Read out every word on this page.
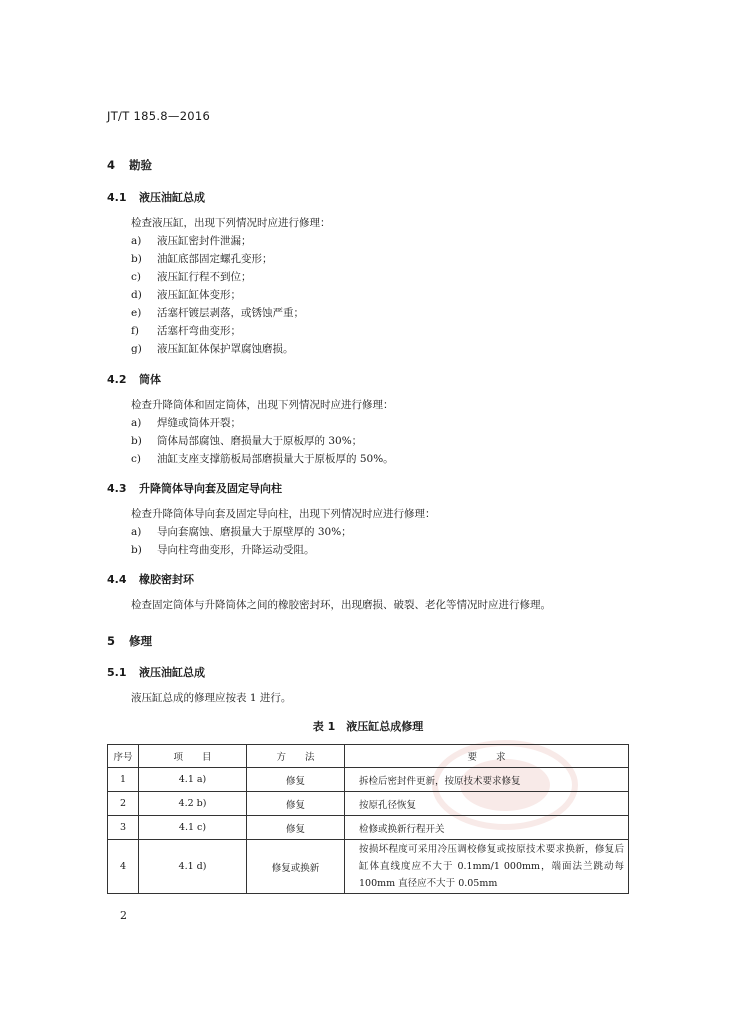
JT/T 185.8—2016
4 勘验
4.1 液压油缸总成
检查液压缸，出现下列情况时应进行修理：
a) 液压缸密封件泄漏；
b) 油缸底部固定螺孔变形；
c) 液压缸行程不到位；
d) 液压缸缸体变形；
e) 活塞杆镀层剥落，或锈蚀严重；
f) 活塞杆弯曲变形；
g) 液压缸缸体保护罩腐蚀磨损。
4.2 筒体
检查升降筒体和固定筒体，出现下列情况时应进行修理：
a) 焊缝或筒体开裂；
b) 筒体局部腐蚀、磨损量大于原板厚的 30%；
c) 油缸支座支撑筋板局部磨损量大于原板厚的 50%。
4.3 升降筒体导向套及固定导向柱
检查升降筒体导向套及固定导向柱，出现下列情况时应进行修理：
a) 导向套腐蚀、磨损量大于原壁厚的 30%；
b) 导向柱弯曲变形，升降运动受阻。
4.4 橡胶密封环
检查固定筒体与升降筒体之间的橡胶密封环，出现磨损、破裂、老化等情况时应进行修理。
5 修理
5.1 液压油缸总成
液压缸总成的修理应按表 1 进行。
表 1　液压缸总成修理
序号	项　　目	方　　法	要　　求
1	4.1 a)	修复	拆检后密封件更新，按原技术要求修复
2	4.2 b)	修复	按原孔径恢复
3	4.1 c)	修复	检修或换新行程开关
4	4.1 d)	修复或换新	按损坏程度可采用冷压调校修复或按原技术要求换新，修复后缸体直线度应不大于 0.1mm/1 000mm，端面法兰跳动每 100mm 直径应不大于 0.05mm
2
